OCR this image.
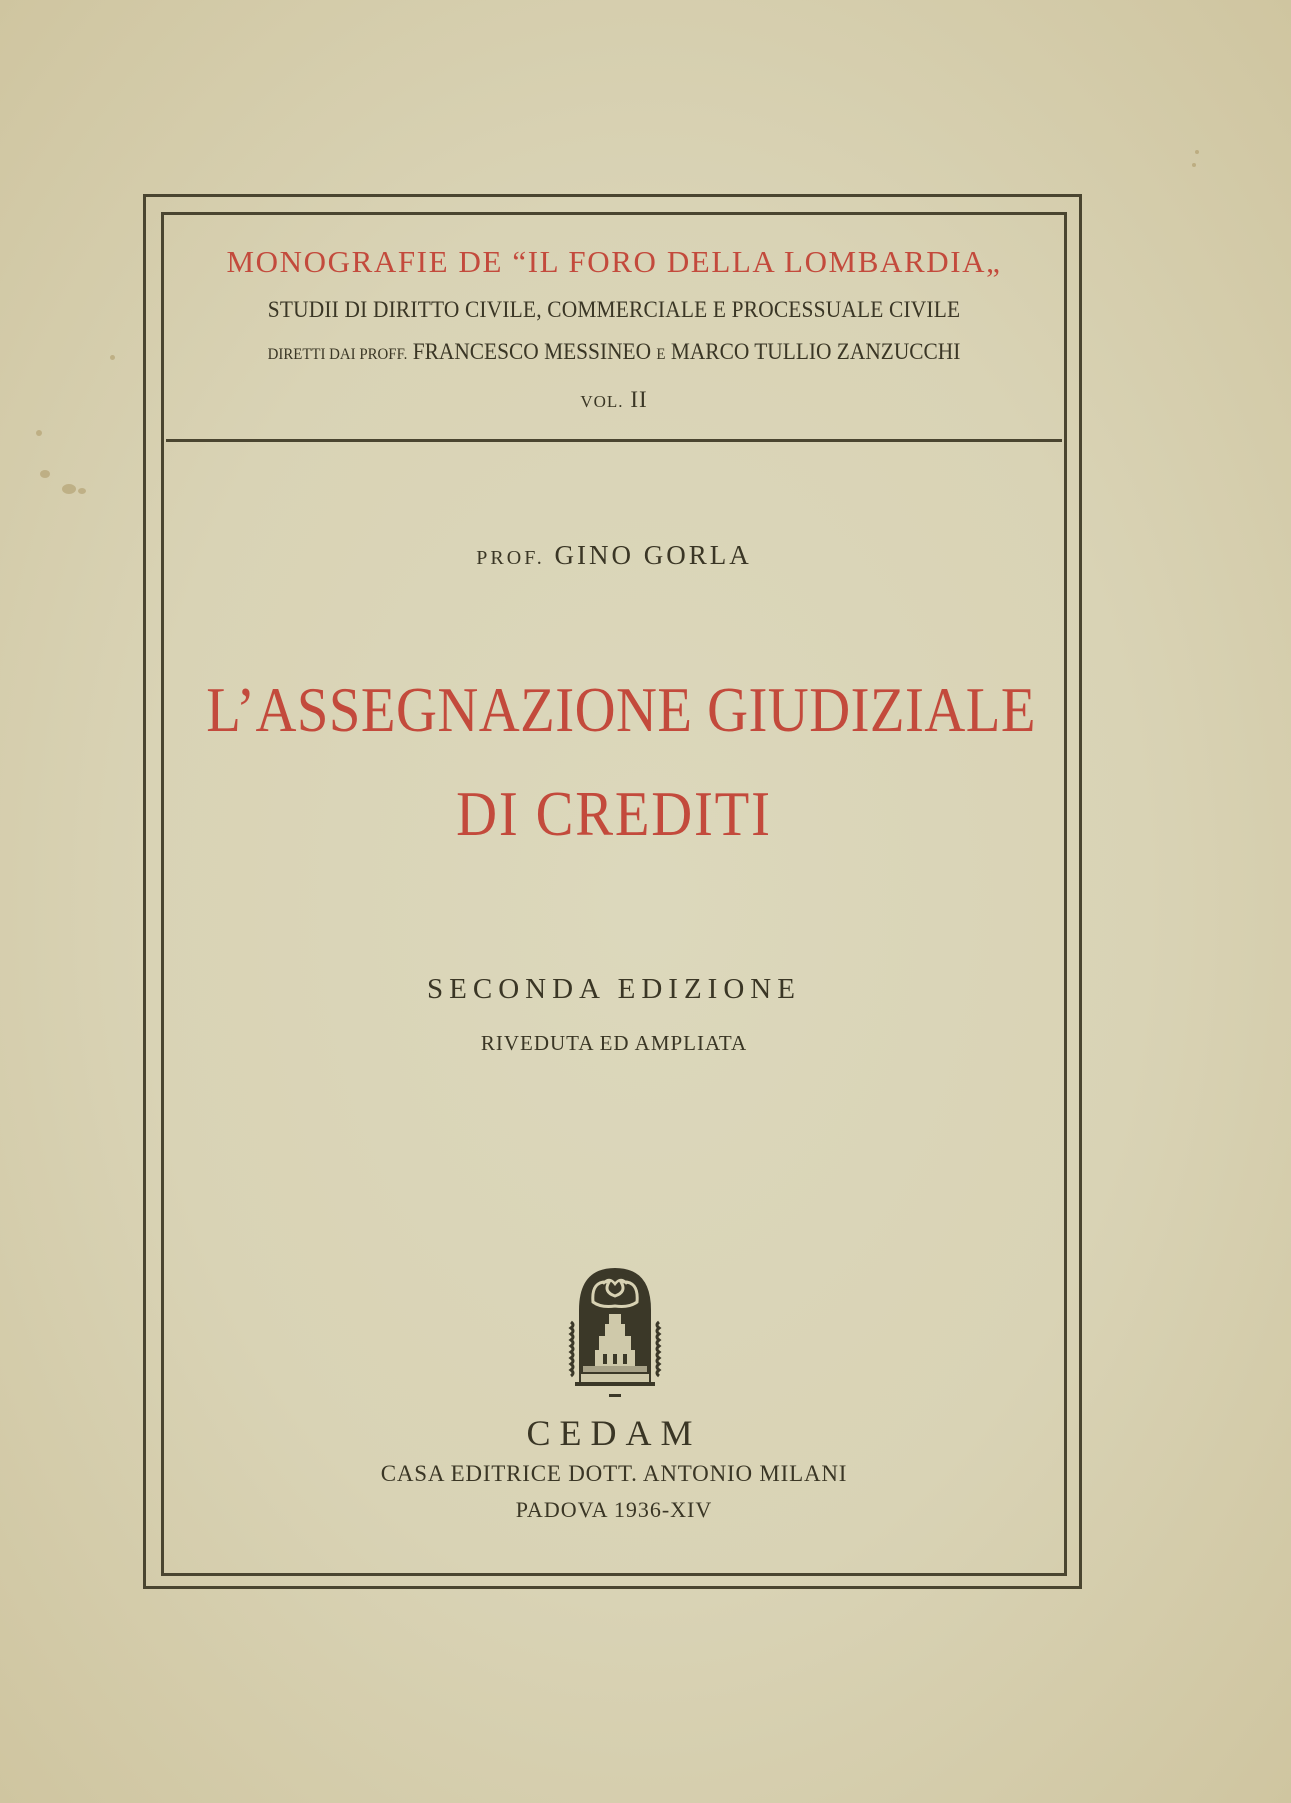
MONOGRAFIE DE “IL FORO DELLA LOMBARDIA„
STUDII DI DIRITTO CIVILE, COMMERCIALE E PROCESSUALE CIVILE
DIRETTI DAI PROFF. FRANCESCO MESSINEO E MARCO TULLIO ZANZUCCHI
VOL. II
PROF. GINO GORLA
L’ASSEGNAZIONE GIUDIZIALE
DI CREDITI
SECONDA EDIZIONE
RIVEDUTA ED AMPLIATA
CEDAM
CASA EDITRICE DOTT. ANTONIO MILANI
PADOVA 1936-XIV
